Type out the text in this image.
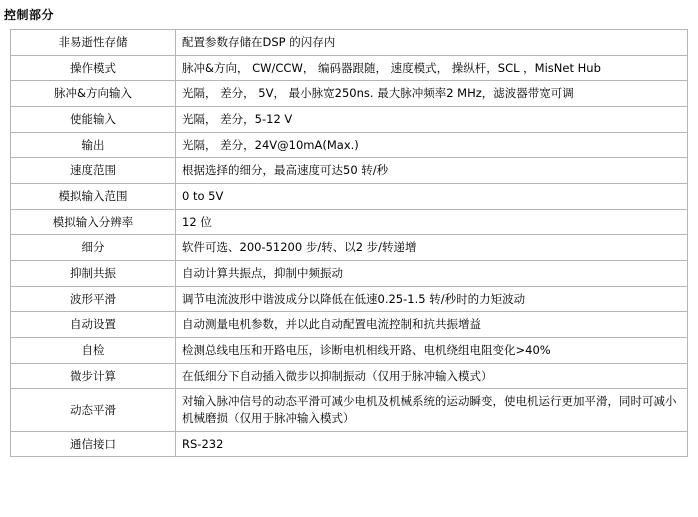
控制部分
非易逝性存储	配置参数存储在DSP 的闪存内
操作模式	脉冲&方向， CW/CCW， 编码器跟随， 速度模式， 操纵杆，SCL ，MisNet Hub
脉冲&方向输入	光隔， 差分， 5V， 最小脉宽250ns. 最大脉冲频率2 MHz，滤波器带宽可调
使能输入	光隔， 差分，5-12 V
输出	光隔， 差分，24V@10mA(Max.)
速度范围	根据选择的细分，最高速度可达50 转/秒
模拟输入范围	0 to 5V
模拟输入分辨率	12 位
细分	软件可选、200-51200 步/转、以2 步/转递增
抑制共振	自动计算共振点，抑制中频振动
波形平滑	调节电流波形中谐波成分以降低在低速0.25-1.5 转/秒时的力矩波动
自动设置	自动测量电机参数，并以此自动配置电流控制和抗共振增益
自检	检测总线电压和开路电压，诊断电机相线开路、电机绕组电阻变化>40%
微步计算	在低细分下自动插入微步以抑制振动（仅用于脉冲输入模式）
动态平滑	对输入脉冲信号的动态平滑可减少电机及机械系统的运动瞬变，使电机运行更加平滑，同时可减小机械磨损（仅用于脉冲输入模式）
通信接口	RS-232
